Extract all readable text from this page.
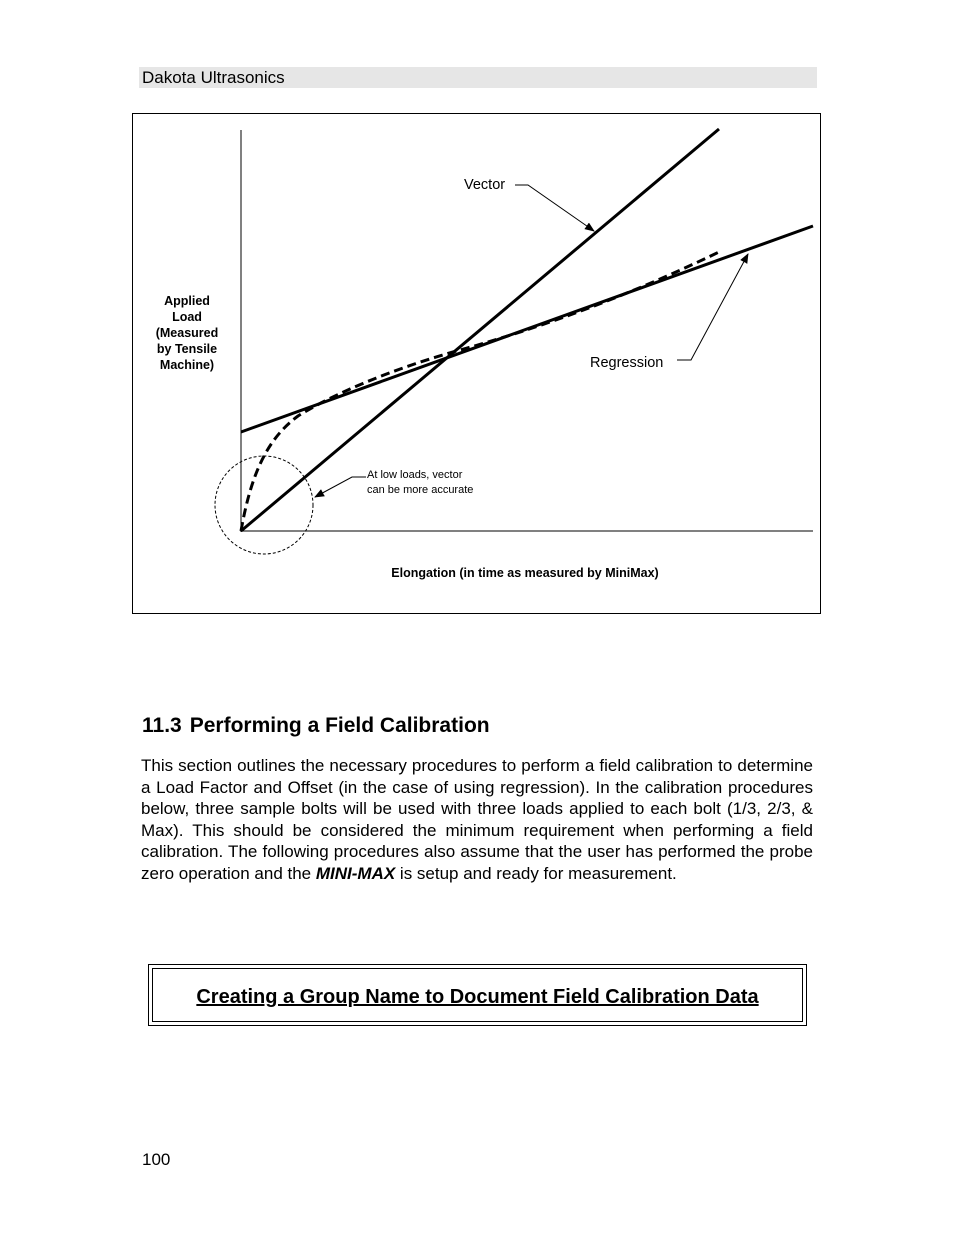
Dakota Ultrasonics
Applied
Load
(Measured
by Tensile
Machine)
Vector
Regression
At low loads, vector
can be more accurate
Elongation (in time as measured by MiniMax)
11.3 Performing a Field Calibration
This section outlines the necessary procedures to perform a field calibration to determine a Load Factor and Offset (in the case of using regression). In the calibration procedures below, three sample bolts will be used with three loads applied to each bolt (1/3, 2/3, & Max). This should be considered the minimum requirement when performing a field calibration. The following procedures also assume that the user has performed the probe zero operation and the MINI-MAX is setup and ready for measurement.
Creating a Group Name to Document Field Calibration Data
100
